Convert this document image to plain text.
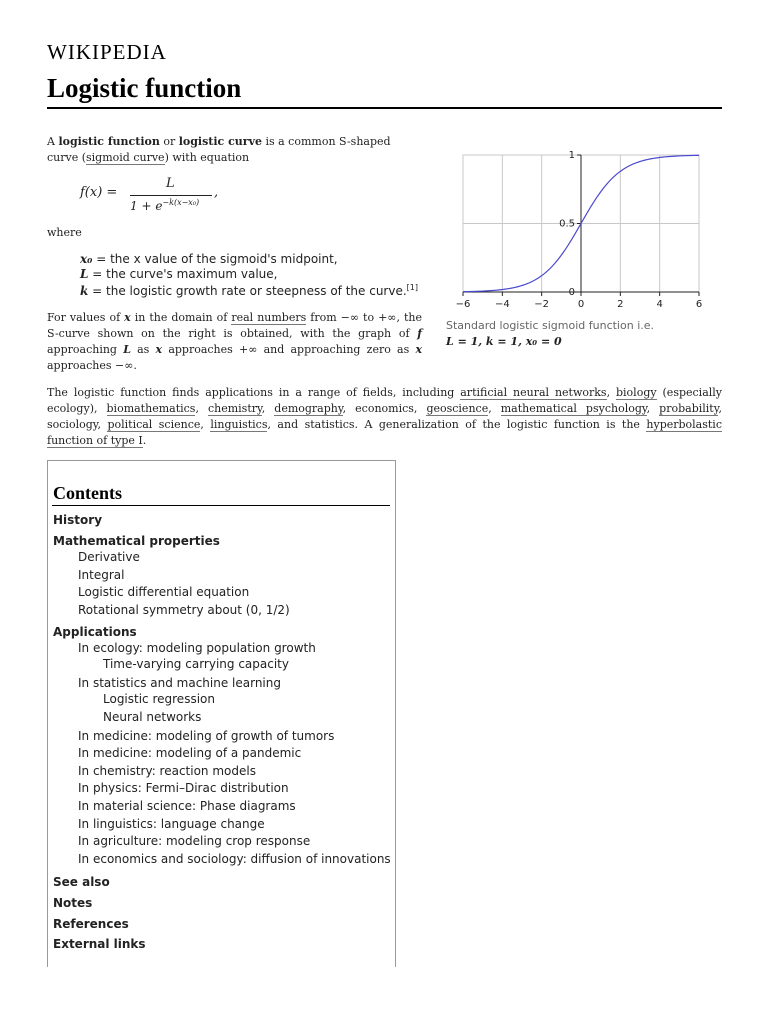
WIKIPEDIA
Logistic function
A logistic function or logistic curve is a common S-shaped curve (sigmoid curve) with equation
f(x) =
L
$1 + e^{-k(x-x_0)}$
,
where
x₀ = the x value of the sigmoid's midpoint,
L = the curve's maximum value,
k = the logistic growth rate or steepness of the curve.[1]
For values of x in the domain of real numbers from −∞ to +∞, the S-curve shown on the right is obtained, with the graph of f approaching L as x approaches +∞ and approaching zero as x approaches −∞.
−6 −4 −2	0	2	4	6
0
0.5
1
Standard logistic sigmoid function i.e.
L = 1, k = 1, x₀ = 0
The logistic function finds applications in a range of fields, including artificial neural networks, biology (especially ecology), biomathematics, chemistry, demography, economics, geoscience, mathematical psychology, probability, sociology, political science, linguistics, and statistics. A generalization of the logistic function is the hyperbolastic function of type I.
Contents
History
Mathematical properties
Derivative
Integral
Logistic differential equation
Rotational symmetry about (0, 1/2)
Applications
In ecology: modeling population growth
Time-varying carrying capacity
In statistics and machine learning
Logistic regression
Neural networks
In medicine: modeling of growth of tumors
In medicine: modeling of a pandemic
In chemistry: reaction models
In physics: Fermi–Dirac distribution
In material science: Phase diagrams
In linguistics: language change
In agriculture: modeling crop response
In economics and sociology: diffusion of innovations
See also
Notes
References
External links
